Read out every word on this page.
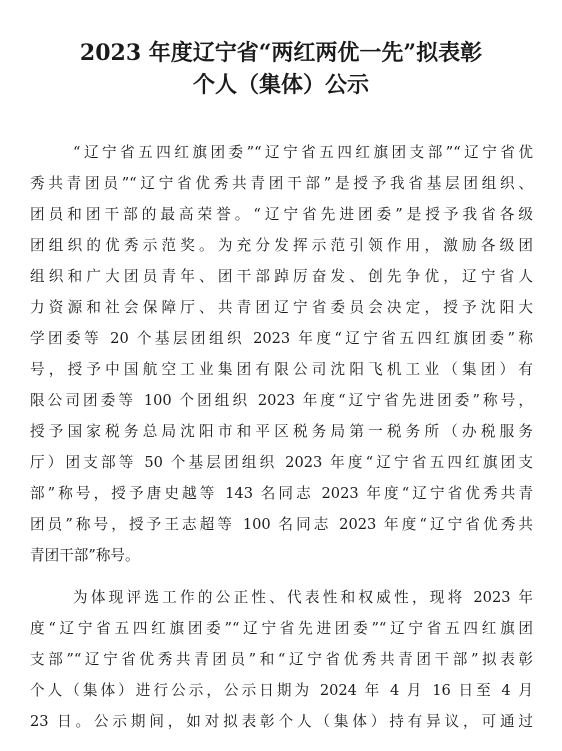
2023 年度辽宁省“两红两优一先”拟表彰
个人（集体）公示
“辽宁省五四红旗团委”“辽宁省五四红旗团支部”“辽宁省优
秀共青团员”“辽宁省优秀共青团干部”是授予我省基层团组织、
团员和团干部的最高荣誉。“辽宁省先进团委”是授予我省各级
团组织的优秀示范奖。为充分发挥示范引领作用，激励各级团
组织和广大团员青年、团干部踔厉奋发、创先争优，辽宁省人
力资源和社会保障厅、共青团辽宁省委员会决定，授予沈阳大
学团委等 20 个基层团组织 2023 年度“辽宁省五四红旗团委”称
号，授予中国航空工业集团有限公司沈阳飞机工业（集团）有
限公司团委等 100 个团组织 2023 年度“辽宁省先进团委”称号，
授予国家税务总局沈阳市和平区税务局第一税务所（办税服务
厅）团支部等 50 个基层团组织 2023 年度“辽宁省五四红旗团支
部”称号，授予唐史越等 143 名同志 2023 年度“辽宁省优秀共青
团员”称号，授予王志超等 100 名同志 2023 年度“辽宁省优秀共
青团干部”称号。
为体现评选工作的公正性、代表性和权威性，现将 2023 年
度“辽宁省五四红旗团委”“辽宁省先进团委”“辽宁省五四红旗团
支部”“辽宁省优秀共青团员”和“辽宁省优秀共青团干部”拟表彰
个人（集体）进行公示，公示日期为 2024 年 4 月 16 日至 4 月
23 日。公示期间，如对拟表彰个人（集体）持有异议，可通过
